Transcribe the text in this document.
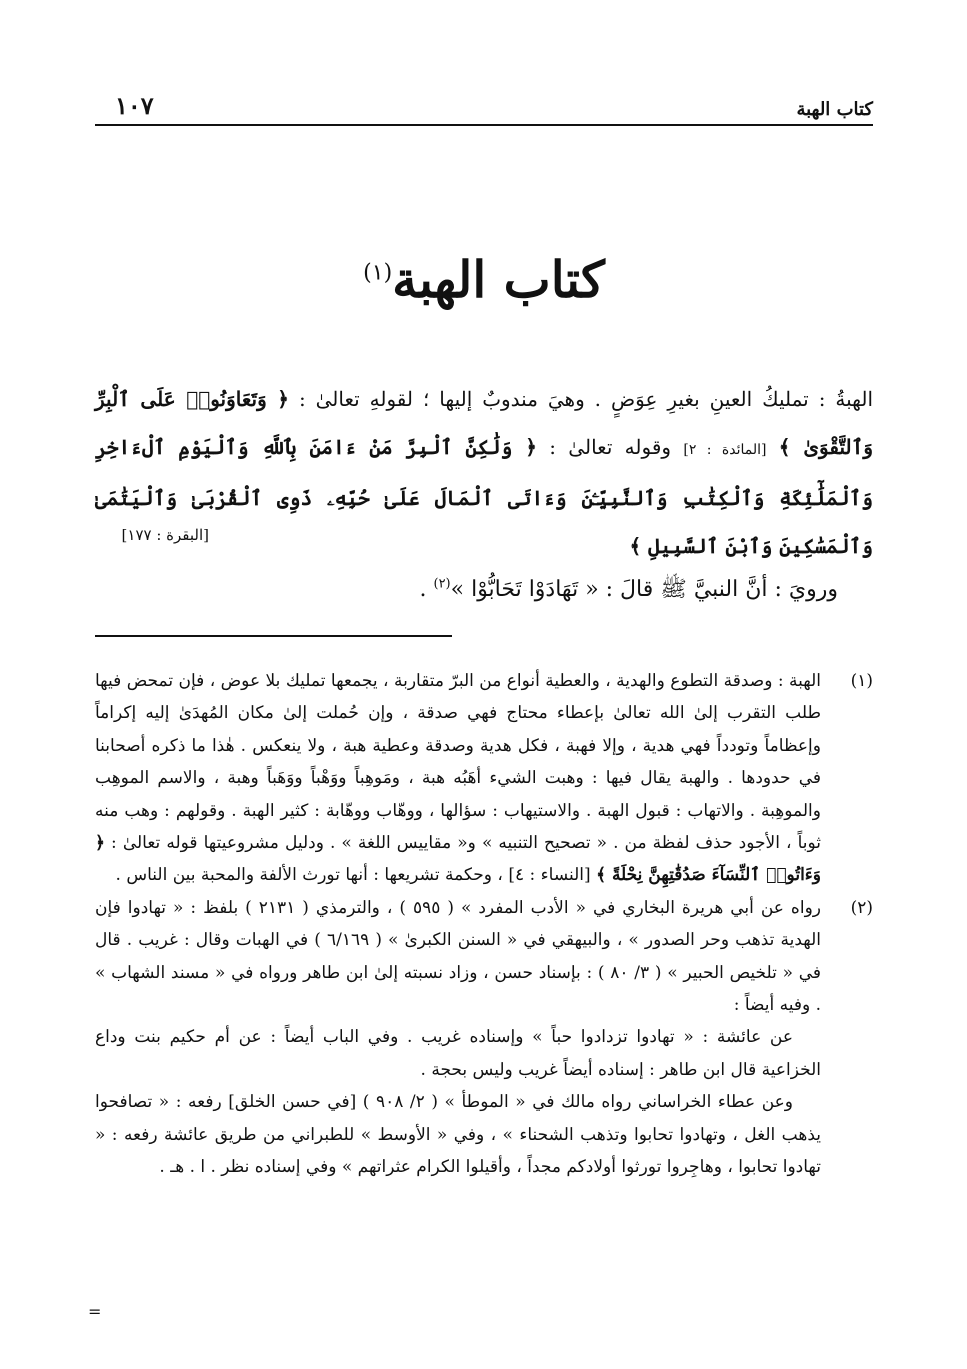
كتاب الهبة
١٠٧
كتاب الهبة$^{(١)}$

الهبةُ : تمليكُ العينِ بغيرِ عِوَضٍ . وهيَ مندوبٌ إليها ؛ لقولهِ تعالىٰ : ﴿ وَتَعَاوَنُوا۟ عَلَى ٱلْبِرِّ وَٱلتَّقْوَىٰ ﴾ [المائدة : ٢] وقوله تعالىٰ : ﴿ وَلَٰكِنَّ ٱلْبِرَّ مَنْ ءَامَنَ بِٱللَّهِ وَٱلْيَوْمِ ٱلْءَاخِرِ وَٱلْمَلَٰٓئِكَةِ وَٱلْكِتَٰبِ وَٱلنَّبِيِّـۧنَ وَءَاتَى ٱلْمَالَ عَلَىٰ حُبِّهِۦ ذَوِى ٱلْقُرْبَىٰ وَٱلْيَتَٰمَىٰ وَٱلْمَسَٰكِينَ وَٱبْنَ ٱلسَّبِيلِ ﴾

[البقرة : ١٧٧]
ورويَ : أنَّ النبيَّ ﷺ قالَ : « تَهَادَوْا تَحَابُّوْا »$^{(٢)}$ .
(١)

الهبة : وصدقة التطوع والهدية ، والعطية أنواع من البرّ متقاربة ، يجمعها تمليك بلا عوض ، فإن تمحض فيها طلب التقرب إلىٰ الله تعالىٰ بإعطاء محتاج فهي صدقة ، وإن حُملت إلىٰ مكان المُهدَىٰ إليه إكراماً وإعظاماً وتودداً فهي هدية ، وإلا فهبة ، فكل هدية وصدقة وعطية هبة ، ولا ينعكس . هٰذا ما ذكره أصحابنا في حدودها . والهبة يقال فيها : وهبت الشيء أهَبُه هبة ، ومَوهِباً ووَهْباً ووَهَباً وهبة ، والاسم الموهِب والموهِبة . والاتهاب : قبول الهبة . والاستيهاب : سؤالها ، ووهّاب ووهّابة : كثير الهبة . وقولهم : وهب منه ثوباً ، الأجود حذف لفظة من . « تصحيح التنبيه » و« مقاييس اللغة » . ودليل مشروعيتها قوله تعالىٰ : ﴿ وَءَاتُوا۟ ٱلنِّسَآءَ صَدُقَٰتِهِنَّ نِحْلَةً ﴾ [النساء : ٤] ، وحكمة تشريعها : أنها تورث الألفة والمحبة بين الناس .

(٢)

رواه عن أبي هريرة البخاري في « الأدب المفرد » ( ٥٩٥ ) ، والترمذي ( ٢١٣١ ) بلفظ : « تهادوا فإن الهدية تذهب وحر الصدور » ، والبيهقي في « السنن الكبرىٰ » ( ٦/١٦٩ ) في الهبات وقال : غريب . قال في « تلخيص الحبير » ( ٣/ ٨٠ ) : بإسناد حسن ، وزاد نسبته إلىٰ ابن طاهر ورواه في « مسند الشهاب » . وفيه أيضاً :

عن عائشة : « تهادوا تزدادوا حباً » وإسناده غريب . وفي الباب أيضاً : عن أم حكيم بنت وداع الخزاعية قال ابن طاهر : إسناده أيضاً غريب وليس بحجة .

وعن عطاء الخراساني رواه مالك في « الموطأ » ( ٢/ ٩٠٨ ) [في حسن الخلق] رفعه : « تصافحوا يذهب الغل ، وتهادوا تحابوا وتذهب الشحناء » ، وفي « الأوسط » للطبراني من طريق عائشة رفعه : « تهادوا تحابوا ، وهاجِروا تورثوا أولادكم مجداً ، وأقيلوا الكرام عثراتهم » وفي إسناده نظر . ا . هـ .

=
